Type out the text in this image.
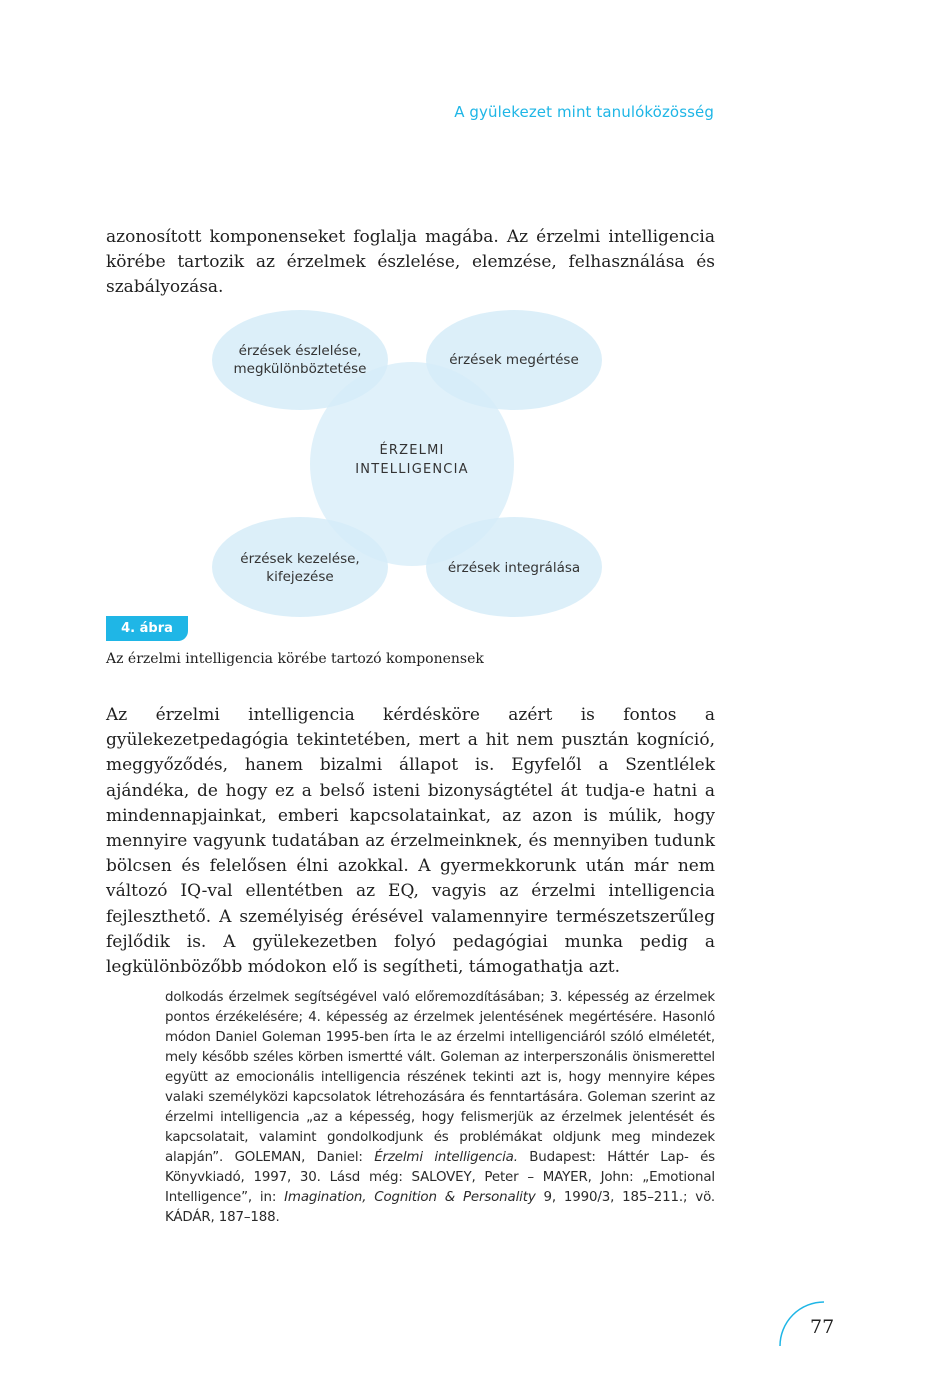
A gyülekezet mint tanulóközösség

azonosított komponenseket foglalja magába. Az érzelmi intelligencia körébe tartozik az érzelmek észlelése, elemzése, felhasználása és szabályozása.

érzések észlelése,
megkülönböztetése
érzések megértése
ÉRZELMI
INTELLIGENCIA
érzések kezelése,
kifejezése
érzések integrálása
4. ábra
Az érzelmi intelligencia körébe tartozó komponensek

Az érzelmi intelligencia kérdésköre azért is fontos a gyülekezetpedagógia tekintetében, mert a hit nem pusztán kogníció, meggyőződés, hanem bizalmi állapot is. Egyfelől a Szentlélek ajándéka, de hogy ez a belső isteni bizonyságtétel át tudja-e hatni a mindennapjainkat, emberi kapcsolatainkat, az azon is múlik, hogy mennyire vagyunk tudatában az érzelmeinknek, és mennyiben tudunk bölcsen és felelősen élni azokkal. A gyermekkorunk után már nem változó IQ-val ellentétben az EQ, vagyis az érzelmi intelligencia fejleszthető. A személyiség érésével valamennyire természetszerűleg fejlődik is. A gyülekezetben folyó pedagógiai munka pedig a legkülönbözőbb módokon elő is segítheti, támogathatja azt.

dolkodás érzelmek segítségével való előremozdításában; 3. képesség az érzelmek pontos érzékelésére; 4. képesség az érzelmek jelentésének megértésére. Hasonló módon Daniel Goleman 1995-ben írta le az érzelmi intelligenciáról szóló elméletét, mely később széles körben ismertté vált. Goleman az interperszonális önismerettel együtt az emocionális intelligencia részének tekinti azt is, hogy mennyire képes valaki személyközi kapcsolatok létrehozására és fenntartására. Goleman szerint az érzelmi intelligencia „az a képesség, hogy felismerjük az érzelmek jelentését és kapcsolatait, valamint gondolkodjunk és problémákat oldjunk meg mindezek alapján”. GOLEMAN, Daniel: Érzelmi intelligencia. Budapest: Háttér Lap- és Könyvkiadó, 1997, 30. Lásd még: SALOVEY, Peter – MAYER, John: „Emotional Intelligence”, in: Imagination, Cognition & Personality 9, 1990/3, 185–211.; vö. KÁDÁR, 187–188.

77
